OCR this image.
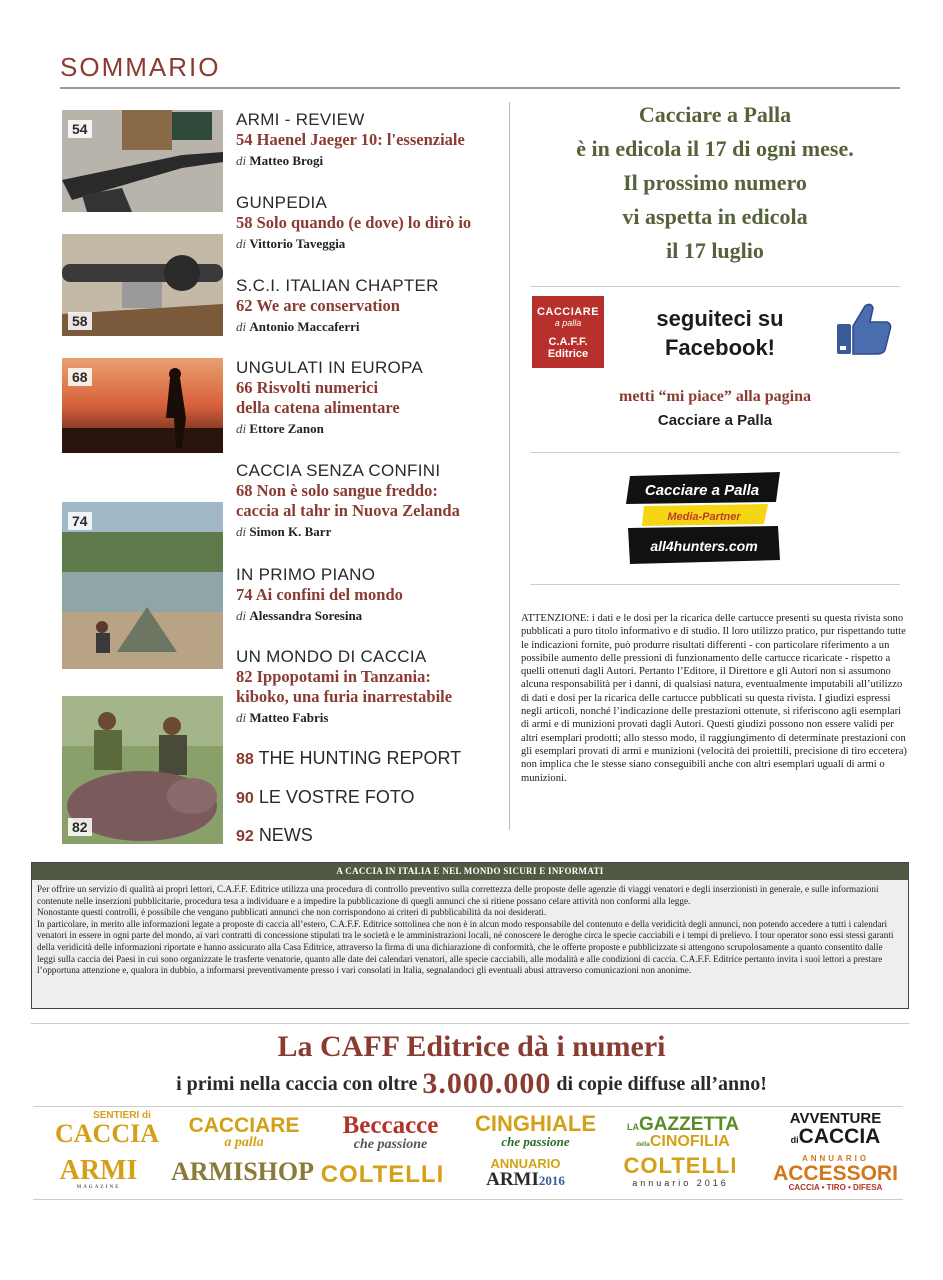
SOMMARIO
54
58
68
74
82
ARMI - REVIEW
54 Haenel Jaeger 10: l'essenziale
di Matteo Brogi
GUNPEDIA
58 Solo quando (e dove) lo dirò io
di Vittorio Taveggia
S.C.I. ITALIAN CHAPTER
62 We are conservation
di Antonio Maccaferri
UNGULATI IN EUROPA
66 Risvolti numerici
della catena alimentare
di Ettore Zanon
CACCIA SENZA CONFINI
68 Non è solo sangue freddo:
caccia al tahr in Nuova Zelanda
di Simon K. Barr
IN PRIMO PIANO
74 Ai confini del mondo
di Alessandra Soresina
UN MONDO DI CACCIA
82 Ippopotami in Tanzania:
kiboko, una furia inarrestabile
di Matteo Fabris
88 THE HUNTING REPORT
90 LE VOSTRE FOTO
92 NEWS
Cacciare a Palla
è in edicola il 17 di ogni mese.
Il prossimo numero
vi aspetta in edicola
il 17 luglio
CACCIARE
a palla
C.A.F.F.
Editrice
seguiteci su
Facebook!
metti “mi piace” alla pagina
Cacciare a Palla
Cacciare a Palla
Media-Partner
all4hunters.com
ATTENZIONE: i dati e le dosi per la ricarica delle cartucce presenti su questa rivista sono pubblicati a puro titolo informativo e di studio. Il loro utilizzo pratico, pur rispettando tutte le indicazioni fornite, può produrre risultati differenti - con particolare riferimento a un possibile aumento delle pressioni di funzionamento delle cartucce ricaricate - rispetto a quelli ottenuti dagli Autori. Pertanto l’Editore, il Direttore e gli Autori non si assumono alcuna responsabilità per i danni, di qualsiasi natura, eventualmente imputabili all’utilizzo di dati e dosi per la ricarica delle cartucce pubblicati su questa rivista. I giudizi espressi negli articoli, nonché l’indicazione delle prestazioni ottenute, si riferiscono agli esemplari di armi e di munizioni provati dagli Autori. Questi giudizi possono non essere validi per altri esemplari prodotti; allo stesso modo, il raggiungimento di determinate prestazioni con gli esemplari provati di armi e munizioni (velocità dei proiettili, precisione di tiro eccetera) non implica che le stesse siano conseguibili anche con altri esemplari uguali di armi o munizioni.
A CACCIA IN ITALIA E NEL MONDO SICURI E INFORMATI
Per offrire un servizio di qualità ai propri lettori, C.A.F.F. Editrice utilizza una procedura di controllo preventivo sulla correttezza delle proposte delle agenzie di viaggi venatori e degli inserzionisti in generale, e sulle informazioni contenute nelle inserzioni pubblicitarie, procedura tesa a individuare e a impedire la pubblicazione di quegli annunci che si ritiene possano celare attività non conformi alla legge.
Nonostante questi controlli, è possibile che vengano pubblicati annunci che non corrispondono ai criteri di pubblicabilità da noi desiderati.
In particolare, in merito alle informazioni legate a proposte di caccia all’estero, C.A.F.F. Editrice sottolinea che non è in alcun modo responsabile del contenuto e della veridicità degli annunci, non potendo accedere a tutti i calendari venatori in essere in ogni parte del mondo, ai vari contratti di concessione stipulati tra le società e le amministrazioni locali, né conoscere le deroghe circa le specie cacciabili e i tempi di prelievo. I tour operator sono essi stessi garanti della veridicità delle informazioni riportate e hanno assicurato alla Casa Editrice, attraverso la firma di una dichiarazione di conformità, che le offerte proposte e pubblicizzate si attengono scrupolosamente a quanto consentito dalle leggi sulla caccia dei Paesi in cui sono organizzate le trasferte venatorie, quanto alle date dei calendari venatori, alle specie cacciabili, alle modalità e alle condizioni di caccia. C.A.F.F. Editrice pertanto invita i suoi lettori a prestare l’opportuna attenzione e, qualora in dubbio, a informarsi preventivamente presso i vari consolati in Italia, segnalandoci gli eventuali abusi attraverso comunicazioni non anonime.
La CAFF Editrice dà i numeri
i primi nella caccia con oltre 3.000.000 di copie diffuse all’anno!
SENTIERI di
CACCIA	CACCIARE
a palla
Beccacce
che passione
CINGHIALE
che passione
LAGAZZETTA
dellaCINOFILIA
AVVENTURE
diCACCIA
ARMI
MAGAZINE
ARMISHOP COLTELLI	ANNUARIO
ARMI2016
COLTELLI
annuario 2016
ANNUARIO
ACCESSORI
CACCIA • TIRO • DIFESA
